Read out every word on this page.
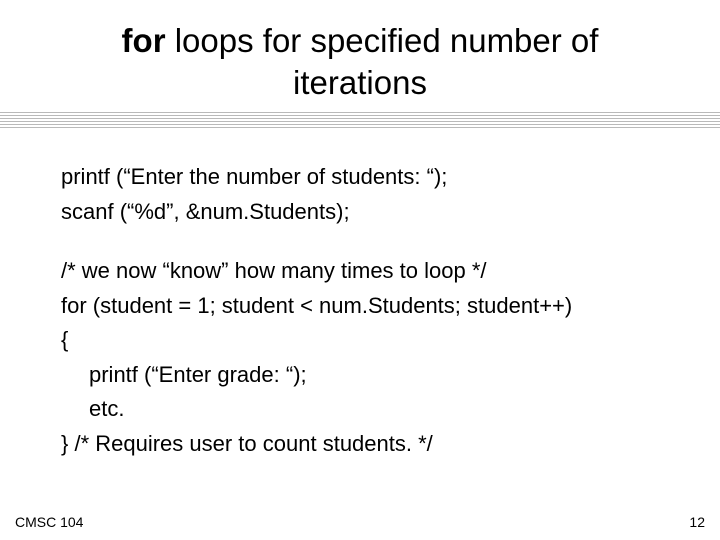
for loops for specified number of
iterations
printf (“Enter the number of students: “);
scanf (“%d”, &num.Students);
/* we now “know” how many times to loop */
for (student = 1; student < num.Students; student++)
{
printf (“Enter grade: “);
etc.
} /* Requires user to count students. */
CMSC 104	12
